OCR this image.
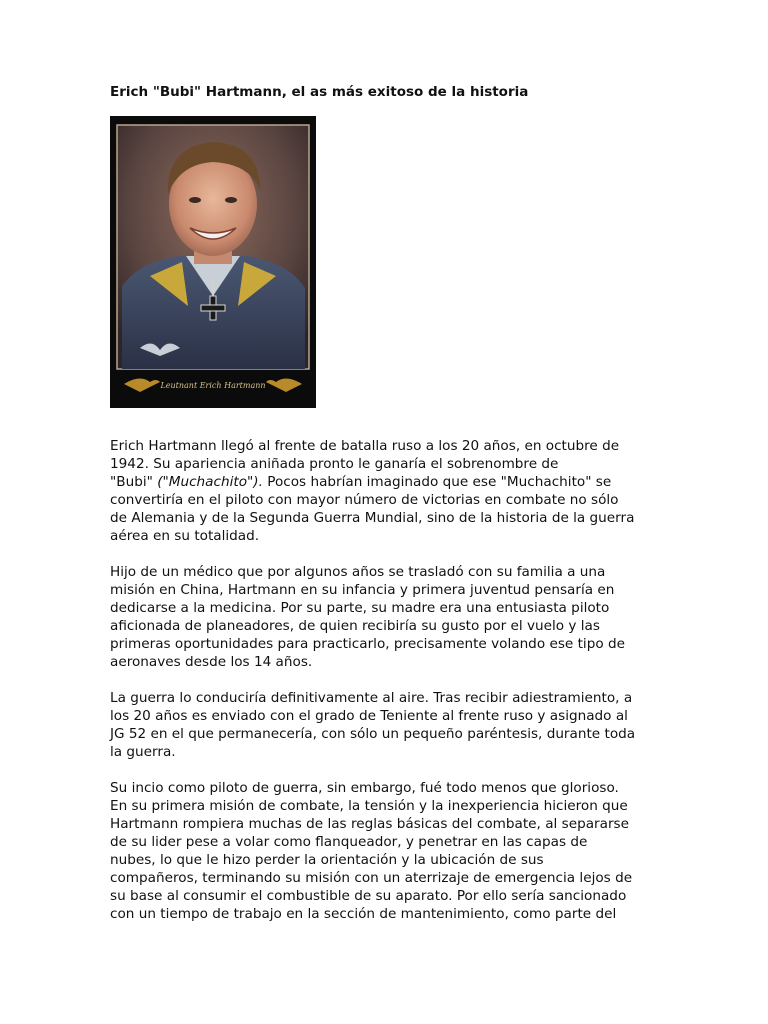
Erich "Bubi" Hartmann, el as más exitoso de la historia
Leutnant Erich Hartmann

Erich Hartmann llegó al frente de batalla ruso a los 20 años, en octubre de
1942. Su apariencia aniñada pronto le ganaría el sobrenombre de
"Bubi" ("Muchachito"). Pocos habrían imaginado que ese "Muchachito" se
convertiría en el piloto con mayor número de victorias en combate no sólo
de Alemania y de la Segunda Guerra Mundial, sino de la historia de la guerra
aérea en su totalidad.

Hijo de un médico que por algunos años se trasladó con su familia a una
misión en China, Hartmann en su infancia y primera juventud pensaría en
dedicarse a la medicina. Por su parte, su madre era una entusiasta piloto
aficionada de planeadores, de quien recibiría su gusto por el vuelo y las
primeras oportunidades para practicarlo, precisamente volando ese tipo de
aeronaves desde los 14 años.

La guerra lo conduciría definitivamente al aire. Tras recibir adiestramiento, a
los 20 años es enviado con el grado de Teniente al frente ruso y asignado al
JG 52 en el que permanecería, con sólo un pequeño paréntesis, durante toda
la guerra.

Su incio como piloto de guerra, sin embargo, fué todo menos que glorioso.
En su primera misión de combate, la tensión y la inexperiencia hicieron que
Hartmann rompiera muchas de las reglas básicas del combate, al separarse
de su lider pese a volar como flanqueador, y penetrar en las capas de
nubes, lo que le hizo perder la orientación y la ubicación de sus
compañeros, terminando su misión con un aterrizaje de emergencia lejos de
su base al consumir el combustible de su aparato. Por ello sería sancionado
con un tiempo de trabajo en la sección de mantenimiento, como parte del
